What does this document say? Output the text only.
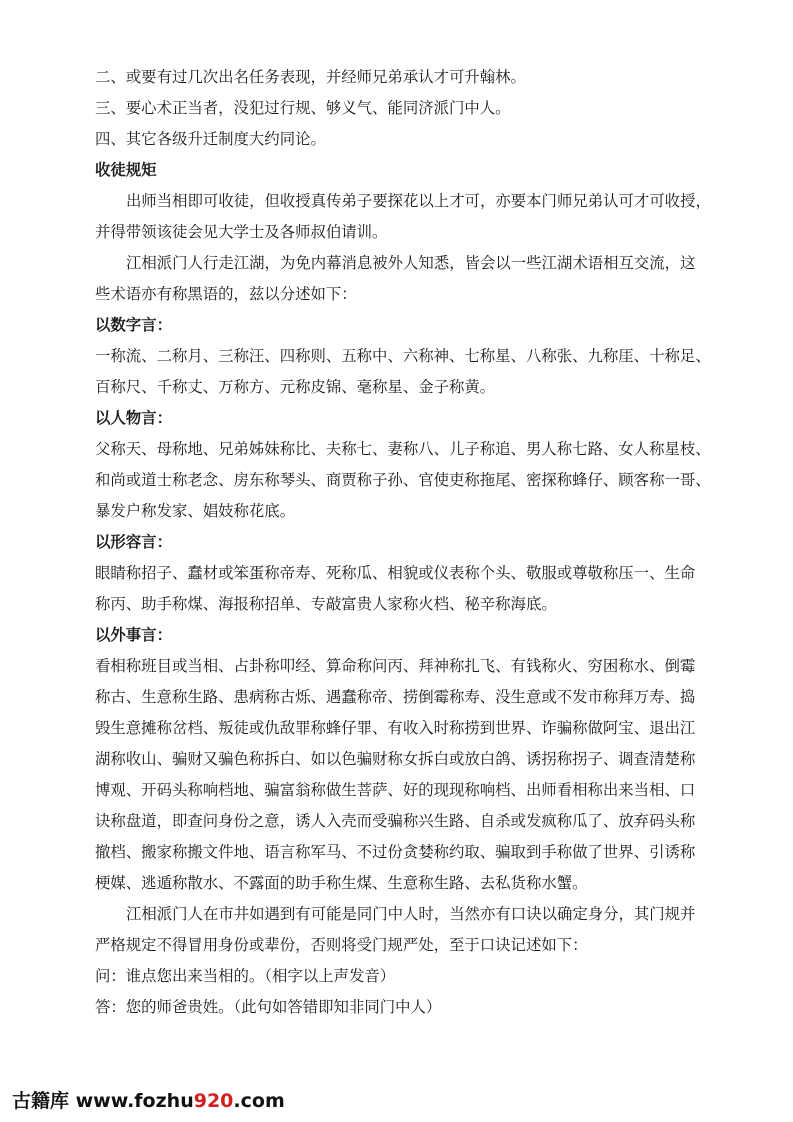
二、或要有过几次出名任务表现，并经师兄弟承认才可升翰林。

三、要心术正当者，没犯过行规、够义气、能同济派门中人。

四、其它各级升迁制度大约同论。

收徒规矩

出师当相即可收徒，但收授真传弟子要探花以上才可，亦要本门师兄弟认可才可收授，

并得带领该徒会见大学士及各师叔伯请训。

江相派门人行走江湖，为免内幕消息被外人知悉，皆会以一些江湖术语相互交流，这

些术语亦有称黑语的，兹以分述如下：

以数字言：

一称流、二称月、三称汪、四称则、五称中、六称神、七称星、八称张、九称厓、十称足、

百称尺、千称丈、万称方、元称皮锦、毫称星、金子称黄。

以人物言：

父称天、母称地、兄弟姊妹称比、夫称七、妻称八、儿子称追、男人称七路、女人称星枝、

和尚或道士称老念、房东称琴头、商贾称子孙、官使吏称拖尾、密探称蜂仔、顾客称一哥、

暴发户称发家、娼妓称花底。

以形容言：

眼睛称招子、蠢材或笨蛋称帝寿、死称瓜、相貌或仪表称个头、敬服或尊敬称压一、生命

称丙、助手称煤、海报称招单、专敲富贵人家称火档、秘辛称海底。

以外事言：

看相称班目或当相、占卦称叩经、算命称问丙、拜神称扎飞、有钱称火、穷困称水、倒霉

称古、生意称生路、患病称古烁、遇蠢称帝、捞倒霉称寿、没生意或不发市称拜万寿、捣

毁生意摊称岔档、叛徒或仇敌罪称蜂仔罪、有收入时称捞到世界、诈骗称做阿宝、退出江

湖称收山、骗财又骗色称拆白、如以色骗财称女拆白或放白鸽、诱拐称拐子、调查清楚称

博观、开码头称响档地、骗富翁称做生菩萨、好的现现称响档、出师看相称出来当相、口

诀称盘道，即查问身份之意，诱人入壳而受骗称兴生路、自杀或发疯称瓜了、放弃码头称

撤档、搬家称搬文件地、语言称军马、不过份贪婪称约取、骗取到手称做了世界、引诱称

梗媒、逃遁称散水、不露面的助手称生煤、生意称生路、去私货称水蟹。

江相派门人在市井如遇到有可能是同门中人时，当然亦有口诀以确定身分，其门规并

严格规定不得冒用身份或辈份，否则将受门规严处，至于口诀记述如下：

问：谁点您出来当相的。（相字以上声发音）

答：您的师爸贵姓。（此句如答错即知非同门中人）

古籍库 www.fozhu920.com
